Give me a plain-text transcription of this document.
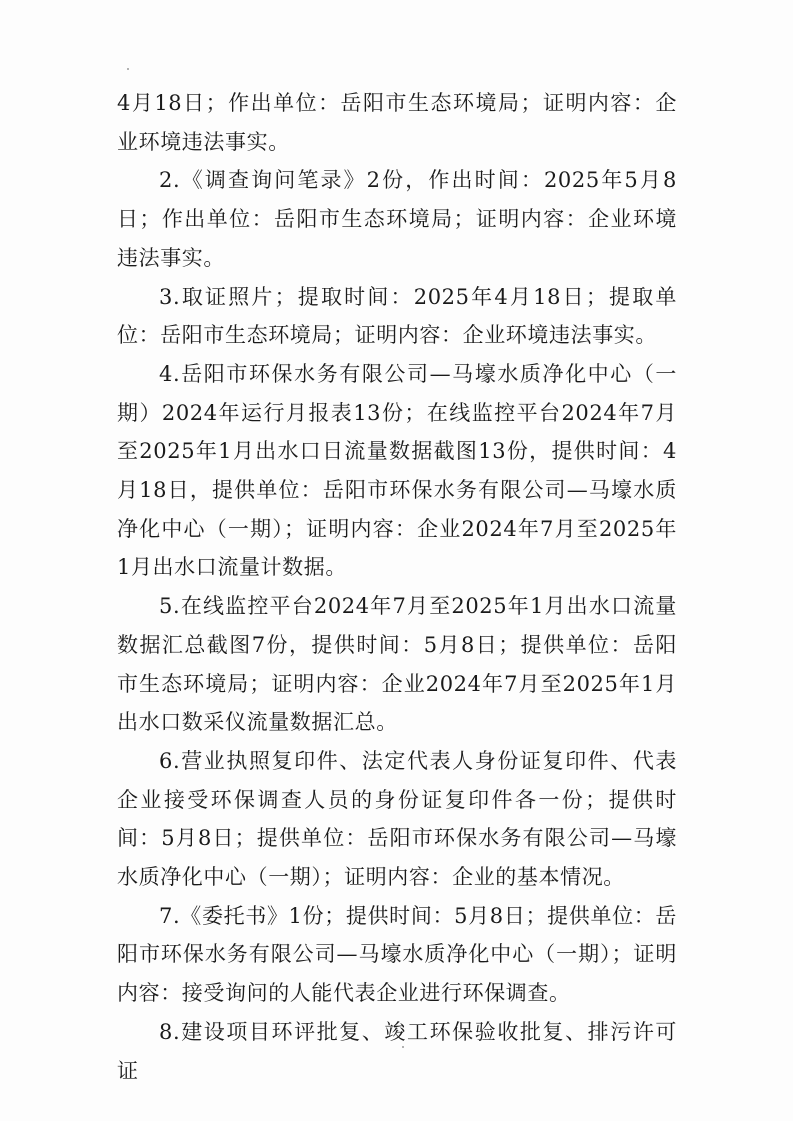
4月18日；作出单位：岳阳市生态环境局；证明内容：企业环境违法事实。

2.《调查询问笔录》2份，作出时间：2025年5月8日；作出单位：岳阳市生态环境局；证明内容：企业环境违法事实。

3.取证照片；提取时间：2025年4月18日；提取单位：岳阳市生态环境局；证明内容：企业环境违法事实。

4.岳阳市环保水务有限公司—马壕水质净化中心（一期）2024年运行月报表13份；在线监控平台2024年7月至2025年1月出水口日流量数据截图13份，提供时间：4月18日，提供单位：岳阳市环保水务有限公司—马壕水质净化中心（一期）；证明内容：企业2024年7月至2025年1月出水口流量计数据。

5.在线监控平台2024年7月至2025年1月出水口流量数据汇总截图7份，提供时间：5月8日；提供单位：岳阳市生态环境局；证明内容：企业2024年7月至2025年1月出水口数采仪流量数据汇总。

6.营业执照复印件、法定代表人身份证复印件、代表企业接受环保调查人员的身份证复印件各一份；提供时间：5月8日；提供单位：岳阳市环保水务有限公司—马壕水质净化中心（一期）；证明内容：企业的基本情况。

7.《委托书》1份；提供时间：5月8日；提供单位：岳阳市环保水务有限公司—马壕水质净化中心（一期）；证明内容：接受询问的人能代表企业进行环保调查。

8.建设项目环评批复、竣工环保验收批复、排污许可证
